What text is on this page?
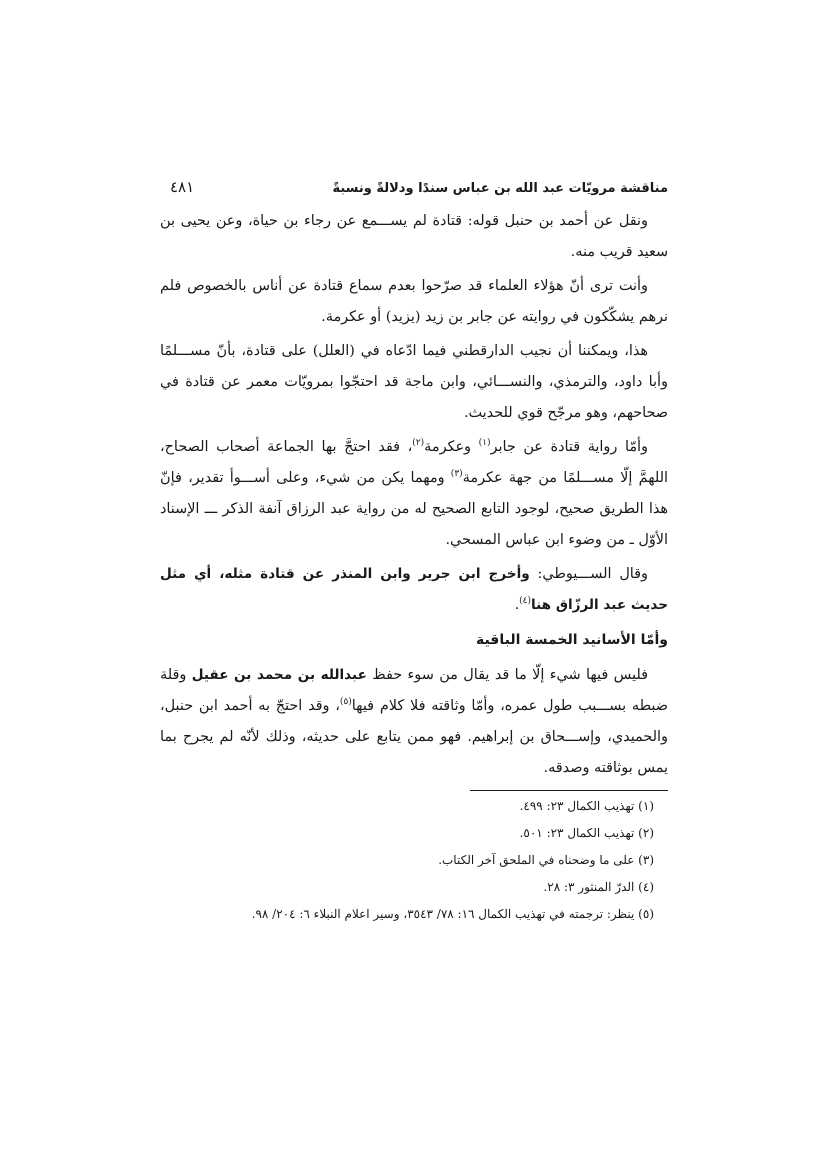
مناقشة مرويّات عبد الله بن عباس سندًا ودلالةً ونسبةً
٤٨١

ونقل عن أحمد بن حنبل قوله: قتادة لم يســـمع عن رجاء بن حياة، وعن يحيى بن سعيد قريب منه.

وأنت ترى أنّ هؤلاء العلماء قد صرّحوا بعدم سماع قتادة عن أناس بالخصوص فلم نرهم يشكّكون في روايته عن جابر بن زيد (يزيد) أو عكرمة.

هذا، ويمكننا أن نجيب الدارقطني فيما ادّعاه في (العلل) على قتادة، بأنّ مســـلمًا وأبا داود، والترمذي، والنســـائي، وابن ماجة قد احتجّوا بمرويّات معمر عن قتادة في صحاحهم، وهو مرجّح قوي للحديث.

وأمّا رواية قتادة عن جابر$^{(١)}$ وعكرمة$^{(٢)}$، فقد احتجَّ بها الجماعة أصحاب الصحاح، اللهمَّ إلّا مســـلمًا من جهة عكرمة$^{(٣)}$ ومهما يكن من شيء، وعلى أســـوأ تقدير، فإنّ هذا الطريق صحيح، لوجود التابع الصحيح له من رواية عبد الرزاق آنفة الذكر ـــ الإسناد الأوّل ـ من وضوء ابن عباس المسحي.

وقال الســـيوطي: وأخرج ابن جرير وابن المنذر عن قتادة مثله، أي مثل حديث عبد الرزّاق هنا$^{(٤)}$.

وأمّا الأسانيد الخمسة الباقية

فليس فيها شيء إلّا ما قد يقال من سوء حفظ عبدالله بن محمد بن عقيل وقلة ضبطه بســـبب طول عمره، وأمّا وثاقته فلا كلام فيها$^{(٥)}$، وقد احتجّ به أحمد ابن حنبل، والحميدي، وإســـحاق بن إبراهيم. فهو ممن يتابع على حديثه، وذلك لأنّه لم يجرح بما يمس بوثاقته وصدقه.

(١) تهذيب الكمال ٢٣: ٤٩٩.
(٢) تهذيب الكمال ٢٣: ٥٠١.
(٣) على ما وضحناه في الملحق آخر الكتاب.
(٤) الدرّ المنثور ٣: ٢٨.
(٥) ينظر: ترجمته في تهذيب الكمال ١٦: ٧٨/ ٣٥٤٣، وسير اعلام النبلاء ٦: ٢٠٤/ ٩٨.
